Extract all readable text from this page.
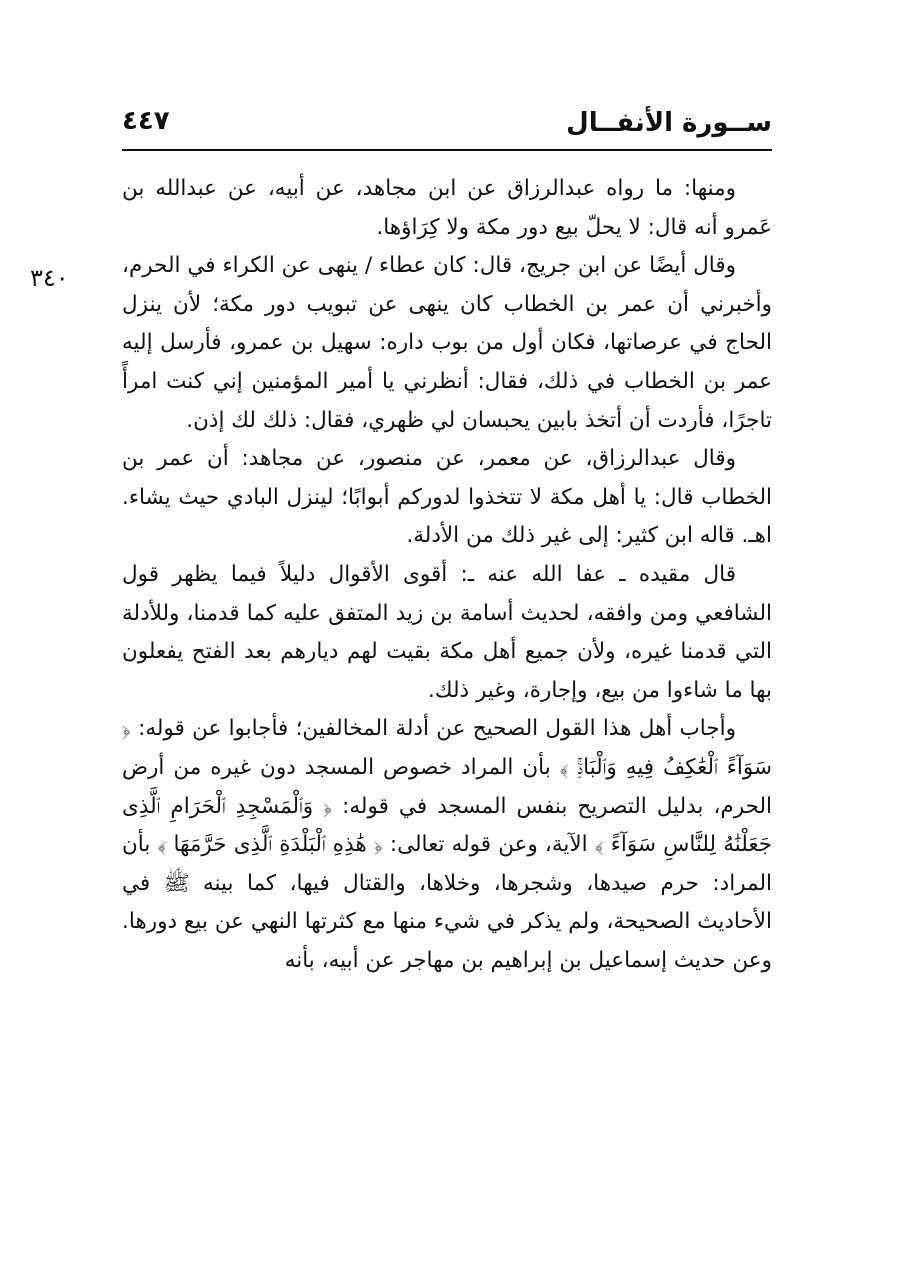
ســورة الأنفــال
٤٤٧
٣٤٠

ومنها: ما رواه عبدالرزاق عن ابن مجاهد، عن أبيه، عن عبدالله بن عَمرو أنه قال: لا يحلّ بيع دور مكة ولا كِرَاؤها.

وقال أيضًا عن ابن جريج، قال: كان عطاء / ينهى عن الكراء في الحرم، وأخبرني أن عمر بن الخطاب كان ينهى عن تبويب دور مكة؛ لأن ينزل الحاج في عرصاتها، فكان أول من بوب داره: سهيل بن عمرو، فأرسل إليه عمر بن الخطاب في ذلك، فقال: أنظرني يا أمير المؤمنين إني كنت امرأً تاجرًا، فأردت أن أتخذ بابين يحبسان لي ظهري، فقال: ذلك لك إذن.

وقال عبدالرزاق، عن معمر، عن منصور، عن مجاهد: أن عمر بن الخطاب قال: يا أهل مكة لا تتخذوا لدوركم أبوابًا؛ لينزل البادي حيث يشاء. اهـ. قاله ابن كثير: إلى غير ذلك من الأدلة.

قال مقيده ـ عفا الله عنه ـ: أقوى الأقوال دليلاً فيما يظهر قول الشافعي ومن وافقه، لحديث أسامة بن زيد المتفق عليه كما قدمنا، وللأدلة التي قدمنا غيره، ولأن جميع أهل مكة بقيت لهم ديارهم بعد الفتح يفعلون بها ما شاءوا من بيع، وإجارة، وغير ذلك.

وأجاب أهل هذا القول الصحيح عن أدلة المخالفين؛ فأجابوا عن قوله: ﴿ سَوَآءً ٱلْعَٰكِفُ فِيهِ وَٱلْبَادِۚ ﴾ بأن المراد خصوص المسجد دون غيره من أرض الحرم، بدليل التصريح بنفس المسجد في قوله: ﴿ وَٱلْمَسْجِدِ ٱلْحَرَامِ ٱلَّذِى جَعَلْنَٰهُ لِلنَّاسِ سَوَآءً ﴾ الآية، وعن قوله تعالى: ﴿ هَٰذِهِ ٱلْبَلْدَةِ ٱلَّذِى حَرَّمَهَا ﴾ بأن المراد: حرم صيدها، وشجرها، وخلاها، والقتال فيها، كما بينه ﷺ في الأحاديث الصحيحة، ولم يذكر في شيء منها مع كثرتها النهي عن بيع دورها. وعن حديث إسماعيل بن إبراهيم بن مهاجر عن أبيه، بأنه
